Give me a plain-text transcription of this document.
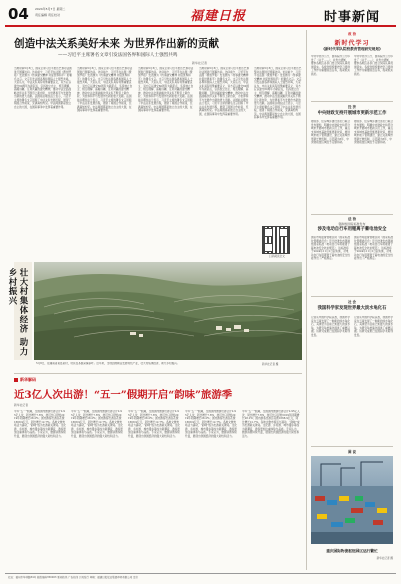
04 2024年5月7日 星期二
责任编辑 责任校对	福建日报	时事新闻
创造中法关系美好未来 为世界作出新的贡献
——习近平主席署名文章引发法国各界和国际人士强烈共鸣
新华社记者
当地时间5月6日，国家主席习近平抵达巴黎对法国进行国事访问。访问前夕，习近平在法国《费加罗报》发表题为《传承建交精神 共促世界和平》的署名文章。文章引发法国各界和国际人士强烈共鸣，大家认为，中法关系具有特殊重要意义，双方应以建交60周年为新起点，弘扬独立自主、相互理解、高瞻远瞩、互利共赢的建交精神，推动中法全面战略伙伴关系不断迈上新台阶，为世界和平与发展作出新的更大贡献。法国前总理拉法兰表示，习近平主席的署名文章回顾了中法关系发展历程，展望了两国合作前景，充满真知灼见。中法两国都是独立自主的大国，在国际事务中发挥着重要作用。
当地时间5月6日，国家主席习近平抵达巴黎对法国进行国事访问。访问前夕，习近平在法国《费加罗报》发表题为《传承建交精神 共促世界和平》的署名文章。文章引发法国各界和国际人士强烈共鸣，大家认为，中法关系具有特殊重要意义，双方应以建交60周年为新起点，弘扬独立自主、相互理解、高瞻远瞩、互利共赢的建交精神，推动中法全面战略伙伴关系不断迈上新台阶，为世界和平与发展作出新的更大贡献。法国前总理拉法兰表示，习近平主席的署名文章回顾了中法关系发展历程，展望了两国合作前景，充满真知灼见。中法两国都是独立自主的大国，在国际事务中发挥着重要作用。
当地时间5月6日，国家主席习近平抵达巴黎对法国进行国事访问。访问前夕，习近平在法国《费加罗报》发表题为《传承建交精神 共促世界和平》的署名文章。文章引发法国各界和国际人士强烈共鸣，大家认为，中法关系具有特殊重要意义，双方应以建交60周年为新起点，弘扬独立自主、相互理解、高瞻远瞩、互利共赢的建交精神，推动中法全面战略伙伴关系不断迈上新台阶，为世界和平与发展作出新的更大贡献。法国前总理拉法兰表示，习近平主席的署名文章回顾了中法关系发展历程，展望了两国合作前景，充满真知灼见。中法两国都是独立自主的大国，在国际事务中发挥着重要作用。
当地时间5月6日，国家主席习近平抵达巴黎对法国进行国事访问。访问前夕，习近平在法国《费加罗报》发表题为《传承建交精神 共促世界和平》的署名文章。文章引发法国各界和国际人士强烈共鸣，大家认为，中法关系具有特殊重要意义，双方应以建交60周年为新起点，弘扬独立自主、相互理解、高瞻远瞩、互利共赢的建交精神，推动中法全面战略伙伴关系不断迈上新台阶，为世界和平与发展作出新的更大贡献。法国前总理拉法兰表示，习近平主席的署名文章回顾了中法关系发展历程，展望了两国合作前景，充满真知灼见。中法两国都是独立自主的大国，在国际事务中发挥着重要作用。
当地时间5月6日，国家主席习近平抵达巴黎对法国进行国事访问。访问前夕，习近平在法国《费加罗报》发表题为《传承建交精神 共促世界和平》的署名文章。文章引发法国各界和国际人士强烈共鸣，大家认为，中法关系具有特殊重要意义，双方应以建交60周年为新起点，弘扬独立自主、相互理解、高瞻远瞩、互利共赢的建交精神，推动中法全面战略伙伴关系不断迈上新台阶，为世界和平与发展作出新的更大贡献。法国前总理拉法兰表示，习近平主席的署名文章回顾了中法关系发展历程，展望了两国合作前景，充满真知灼见。中法两国都是独立自主的大国，在国际事务中发挥着重要作用。
扫码阅读全文
壮大村集体经济 助力乡村振兴
5月6日，在湖南省某县某村，村民在茶园采摘茶叶。近年来，当地因地制宜发展特色产业，壮大村集体经济，助力乡村振兴。	新华社记者 摄
新华解码
近3亿人次出游！“五一”假期开启“韵味”旅游季
新华社记者
今年“五一”假期，全国国内旅游出游合计2.95亿人次，同比增长7.6%，按可比口径较2019年同期增长28.2%；国内游客出游总花费1668.9亿元，同比增长12.7%。各地文旅市场活力涌动，“韵味”成为出游新关键词。文化游、乡村游、城市漫步等成为新潮流，游客更加注重体验与品质。专家认为，旅游消费持续升温，展现出我国经济的强大韧性和活力。
今年“五一”假期，全国国内旅游出游合计2.95亿人次，同比增长7.6%，按可比口径较2019年同期增长28.2%；国内游客出游总花费1668.9亿元，同比增长12.7%。各地文旅市场活力涌动，“韵味”成为出游新关键词。文化游、乡村游、城市漫步等成为新潮流，游客更加注重体验与品质。专家认为，旅游消费持续升温，展现出我国经济的强大韧性和活力。
今年“五一”假期，全国国内旅游出游合计2.95亿人次，同比增长7.6%，按可比口径较2019年同期增长28.2%；国内游客出游总花费1668.9亿元，同比增长12.7%。各地文旅市场活力涌动，“韵味”成为出游新关键词。文化游、乡村游、城市漫步等成为新潮流，游客更加注重体验与品质。专家认为，旅游消费持续升温，展现出我国经济的强大韧性和活力。
今年“五一”假期，全国国内旅游出游合计2.95亿人次，同比增长7.6%，按可比口径较2019年同期增长28.2%；国内游客出游总花费1668.9亿元，同比增长12.7%。各地文旅市场活力涌动，“韵味”成为出游新关键词。文化游、乡村游、城市漫步等成为新潮流，游客更加注重体验与品质。专家认为，旅游消费持续升温，展现出我国经济的强大韧性和活力。
今年“五一”假期，全国国内旅游出游合计2.95亿人次，同比增长7.6%，按可比口径较2019年同期增长28.2%；国内游客出游总花费1668.9亿元，同比增长12.7%。各地文旅市场活力涌动，“韵味”成为出游新关键词。文化游、乡村游、城市漫步等成为新潮流，游客更加注重体验与品质。专家认为，旅游消费持续升温，展现出我国经济的强大韧性和活力。
政 治
新时代学习
《新时代军队院校教育管理研究规划》
中共中央办公厅、国务院办公厅印发了《关于……》，并发出通知，要求各地区各部门结合实际认真贯彻落实。各级党组织要把学习贯彻工作作为重要政治任务，抓紧抓实抓好。
中共中央办公厅、国务院办公厅印发了《关于……》，并发出通知，要求各地区各部门结合实际认真贯彻落实。各级党组织要把学习贯彻工作作为重要政治任务，抓紧抓实抓好。
经 济
中央财政支持开展城市更新示范工作
财政部、住房城乡建设部近日联合发布通知，明确中央财政支持部分城市开展城市更新示范工作，重点支持城市基础设施更新改造，推进城市地下管网建设、建立完善城市更新长效机制，示范期为3年，中央财政按区域给予定额补助。
财政部、住房城乡建设部近日联合发布通知，明确中央财政支持部分城市开展城市更新示范工作，重点支持城市基础设施更新改造，推进城市地下管网建设、建立完善城市更新长效机制，示范期为3年，中央财政按区域给予定额补助。
法 治
强制性国家标准发布
涉及电动自行车用锂离子蓄电池安全
国家市场监督管理总局（国家标准化管理委员会）近日批准发布强制性国家标准《电动自行车用锂离子蓄电池安全技术规范》，该标准将于2024年11月1日起实施，对电动自行车用锂离子蓄电池的安全性能作出了严格规定。
国家市场监督管理总局（国家标准化管理委员会）近日批准发布强制性国家标准《电动自行车用锂离子蓄电池安全技术规范》，该标准将于2024年11月1日起实施，对电动自行车用锂离子蓄电池的安全性能作出了严格规定。
社 会
我国科学家发现世界最大淡水龟化石
记者从中国科学院获悉，我国科学家在云南发现了一种新的淡水龟化石，其体型为目前已知最大的淡水龟，为研究龟类演化提供了重要证据。该研究成果已在国际学术期刊发表。
记者从中国科学院获悉，我国科学家在云南发现了一种新的淡水龟化石，其体型为目前已知最大的淡水龟，为研究龟类演化提供了重要证据。该研究成果已在国际学术期刊发表。
图 说
重庆国际物流枢纽园区运行繁忙
新华社记者 摄
社址：福州市华林路84号 邮政编码350003 新闻热线 广告热线 订阅发行 印刷：福建日报报业集团印务有限公司 定价
